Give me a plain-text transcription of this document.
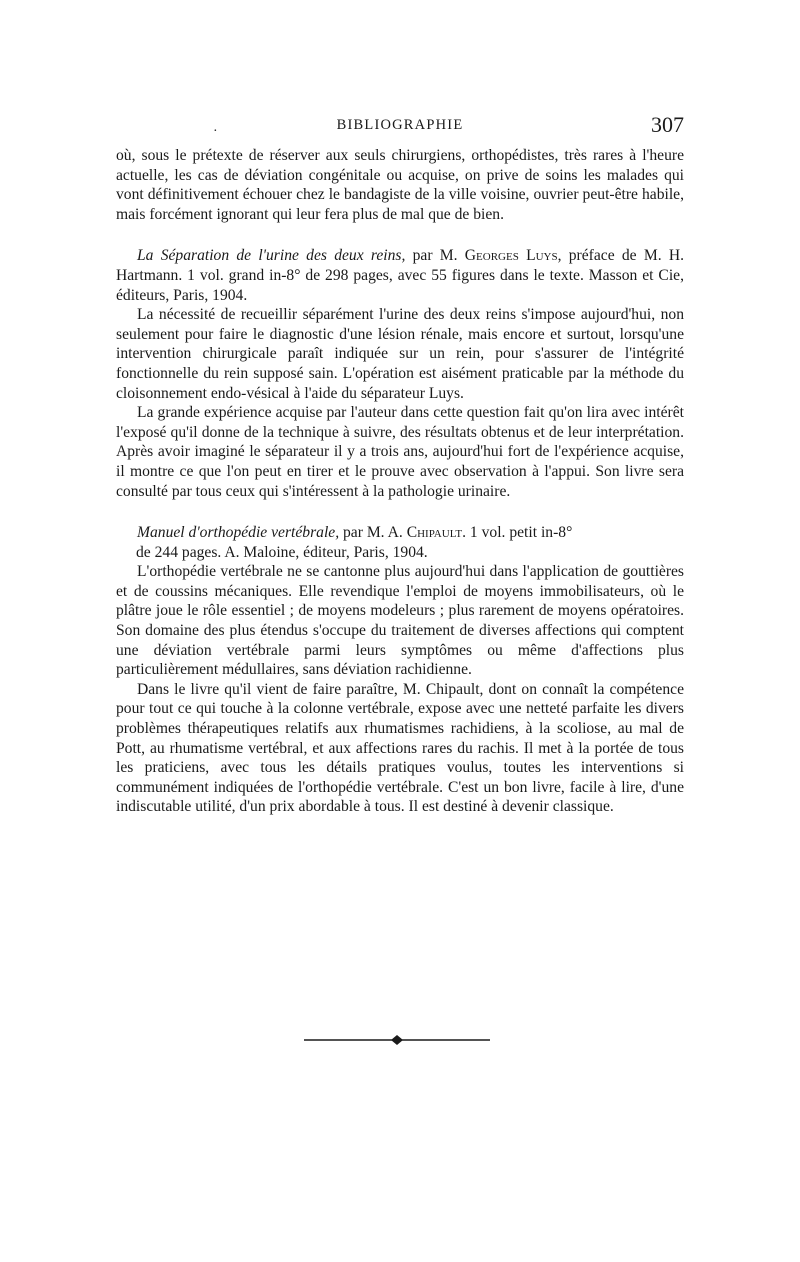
·	BIBLIOGRAPHIE	307

où, sous le prétexte de réserver aux seuls chirurgiens, orthopédistes, très rares à l'heure actuelle, les cas de déviation congénitale ou acquise, on prive de soins les malades qui vont définitivement échouer chez le bandagiste de la ville voisine, ouvrier peut-être habile, mais forcément ignorant qui leur fera plus de mal que de bien.

La Séparation de l'urine des deux reins, par M. Georges Luys, préface de M. H. Hartmann. 1 vol. grand in-8° de 298 pages, avec 55 figures dans le texte. Masson et Cie, éditeurs, Paris, 1904.

La nécessité de recueillir séparément l'urine des deux reins s'impose aujourd'hui, non seulement pour faire le diagnostic d'une lésion rénale, mais encore et surtout, lorsqu'une intervention chirurgicale paraît indiquée sur un rein, pour s'assurer de l'intégrité fonctionnelle du rein supposé sain. L'opération est aisément praticable par la méthode du cloisonnement endo-vésical à l'aide du séparateur Luys.

La grande expérience acquise par l'auteur dans cette question fait qu'on lira avec intérêt l'exposé qu'il donne de la technique à suivre, des résultats obtenus et de leur interprétation. Après avoir imaginé le séparateur il y a trois ans, aujourd'hui fort de l'expérience acquise, il montre ce que l'on peut en tirer et le prouve avec observation à l'appui. Son livre sera consulté par tous ceux qui s'intéressent à la pathologie urinaire.

Manuel d'orthopédie vertébrale, par M. A. Chipault. 1 vol. petit in-8°

de 244 pages. A. Maloine, éditeur, Paris, 1904.

L'orthopédie vertébrale ne se cantonne plus aujourd'hui dans l'application de gouttières et de coussins mécaniques. Elle revendique l'emploi de moyens immobilisateurs, où le plâtre joue le rôle essentiel ; de moyens modeleurs ; plus rarement de moyens opératoires. Son domaine des plus étendus s'occupe du traitement de diverses affections qui comptent une déviation vertébrale parmi leurs symptômes ou même d'affections plus particulièrement médullaires, sans déviation rachidienne.

Dans le livre qu'il vient de faire paraître, M. Chipault, dont on connaît la compétence pour tout ce qui touche à la colonne vertébrale, expose avec une netteté parfaite les divers problèmes thérapeutiques relatifs aux rhumatismes rachidiens, à la scoliose, au mal de Pott, au rhumatisme vertébral, et aux affections rares du rachis. Il met à la portée de tous les praticiens, avec tous les détails pratiques voulus, toutes les interventions si communément indiquées de l'orthopédie vertébrale. C'est un bon livre, facile à lire, d'une indiscutable utilité, d'un prix abordable à tous. Il est destiné à devenir classique.
